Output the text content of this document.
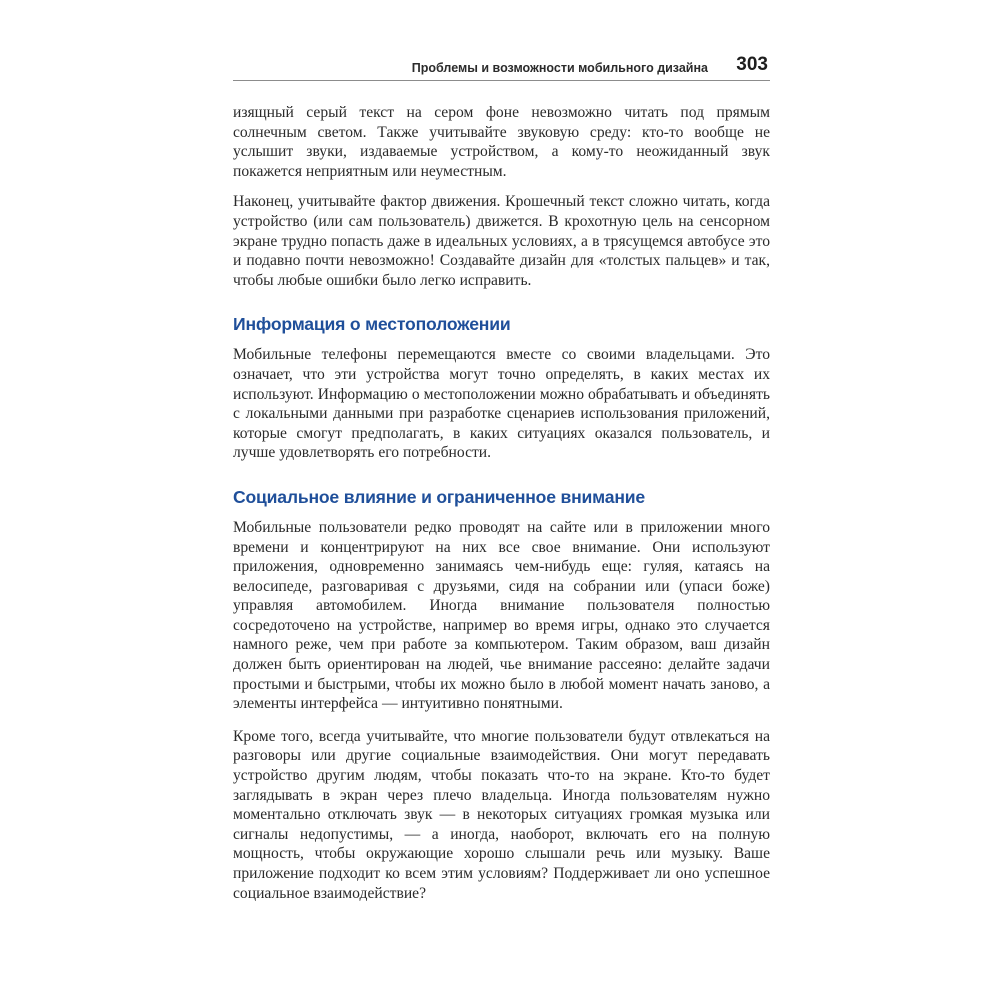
Проблемы и возможности мобильного дизайна 303

изящный серый текст на сером фоне невозможно читать под прямым солнечным светом. Также учитывайте звуковую среду: кто-то вообще не услышит звуки, издаваемые устройством, а кому-то неожиданный звук покажется неприятным или неуместным.

Наконец, учитывайте фактор движения. Крошечный текст сложно читать, когда устройство (или сам пользователь) движется. В крохотную цель на сенсорном экране трудно попасть даже в идеальных условиях, а в трясущемся автобусе это и подавно почти невозможно! Создавайте дизайн для «толстых пальцев» и так, чтобы любые ошибки было легко исправить.

Информация о местоположении

Мобильные телефоны перемещаются вместе со своими владельцами. Это означает, что эти устройства могут точно определять, в каких местах их используют. Информацию о местоположении можно обрабатывать и объединять с локальными данными при разработке сценариев использования приложений, которые смогут предполагать, в каких ситуациях оказался пользователь, и лучше удовлетворять его потребности.

Социальное влияние и ограниченное внимание

Мобильные пользователи редко проводят на сайте или в приложении много времени и концентрируют на них все свое внимание. Они используют приложения, одновременно занимаясь чем-нибудь еще: гуляя, катаясь на велосипеде, разговаривая с друзьями, сидя на собрании или (упаси боже) управляя автомобилем. Иногда внимание пользователя полностью сосредоточено на устройстве, например во время игры, однако это случается намного реже, чем при работе за компьютером. Таким образом, ваш дизайн должен быть ориентирован на людей, чье внимание рассеяно: делайте задачи простыми и быстрыми, чтобы их можно было в любой момент начать заново, а элементы интерфейса — интуитивно понятными.

Кроме того, всегда учитывайте, что многие пользователи будут отвлекаться на разговоры или другие социальные взаимодействия. Они могут передавать устройство другим людям, чтобы показать что-то на экране. Кто-то будет заглядывать в экран через плечо владельца. Иногда пользователям нужно моментально отключать звук — в некоторых ситуациях громкая музыка или сигналы недопустимы, — а иногда, наоборот, включать его на полную мощность, чтобы окружающие хорошо слышали речь или музыку. Ваше приложение подходит ко всем этим условиям? Поддерживает ли оно успешное социальное взаимодействие?
